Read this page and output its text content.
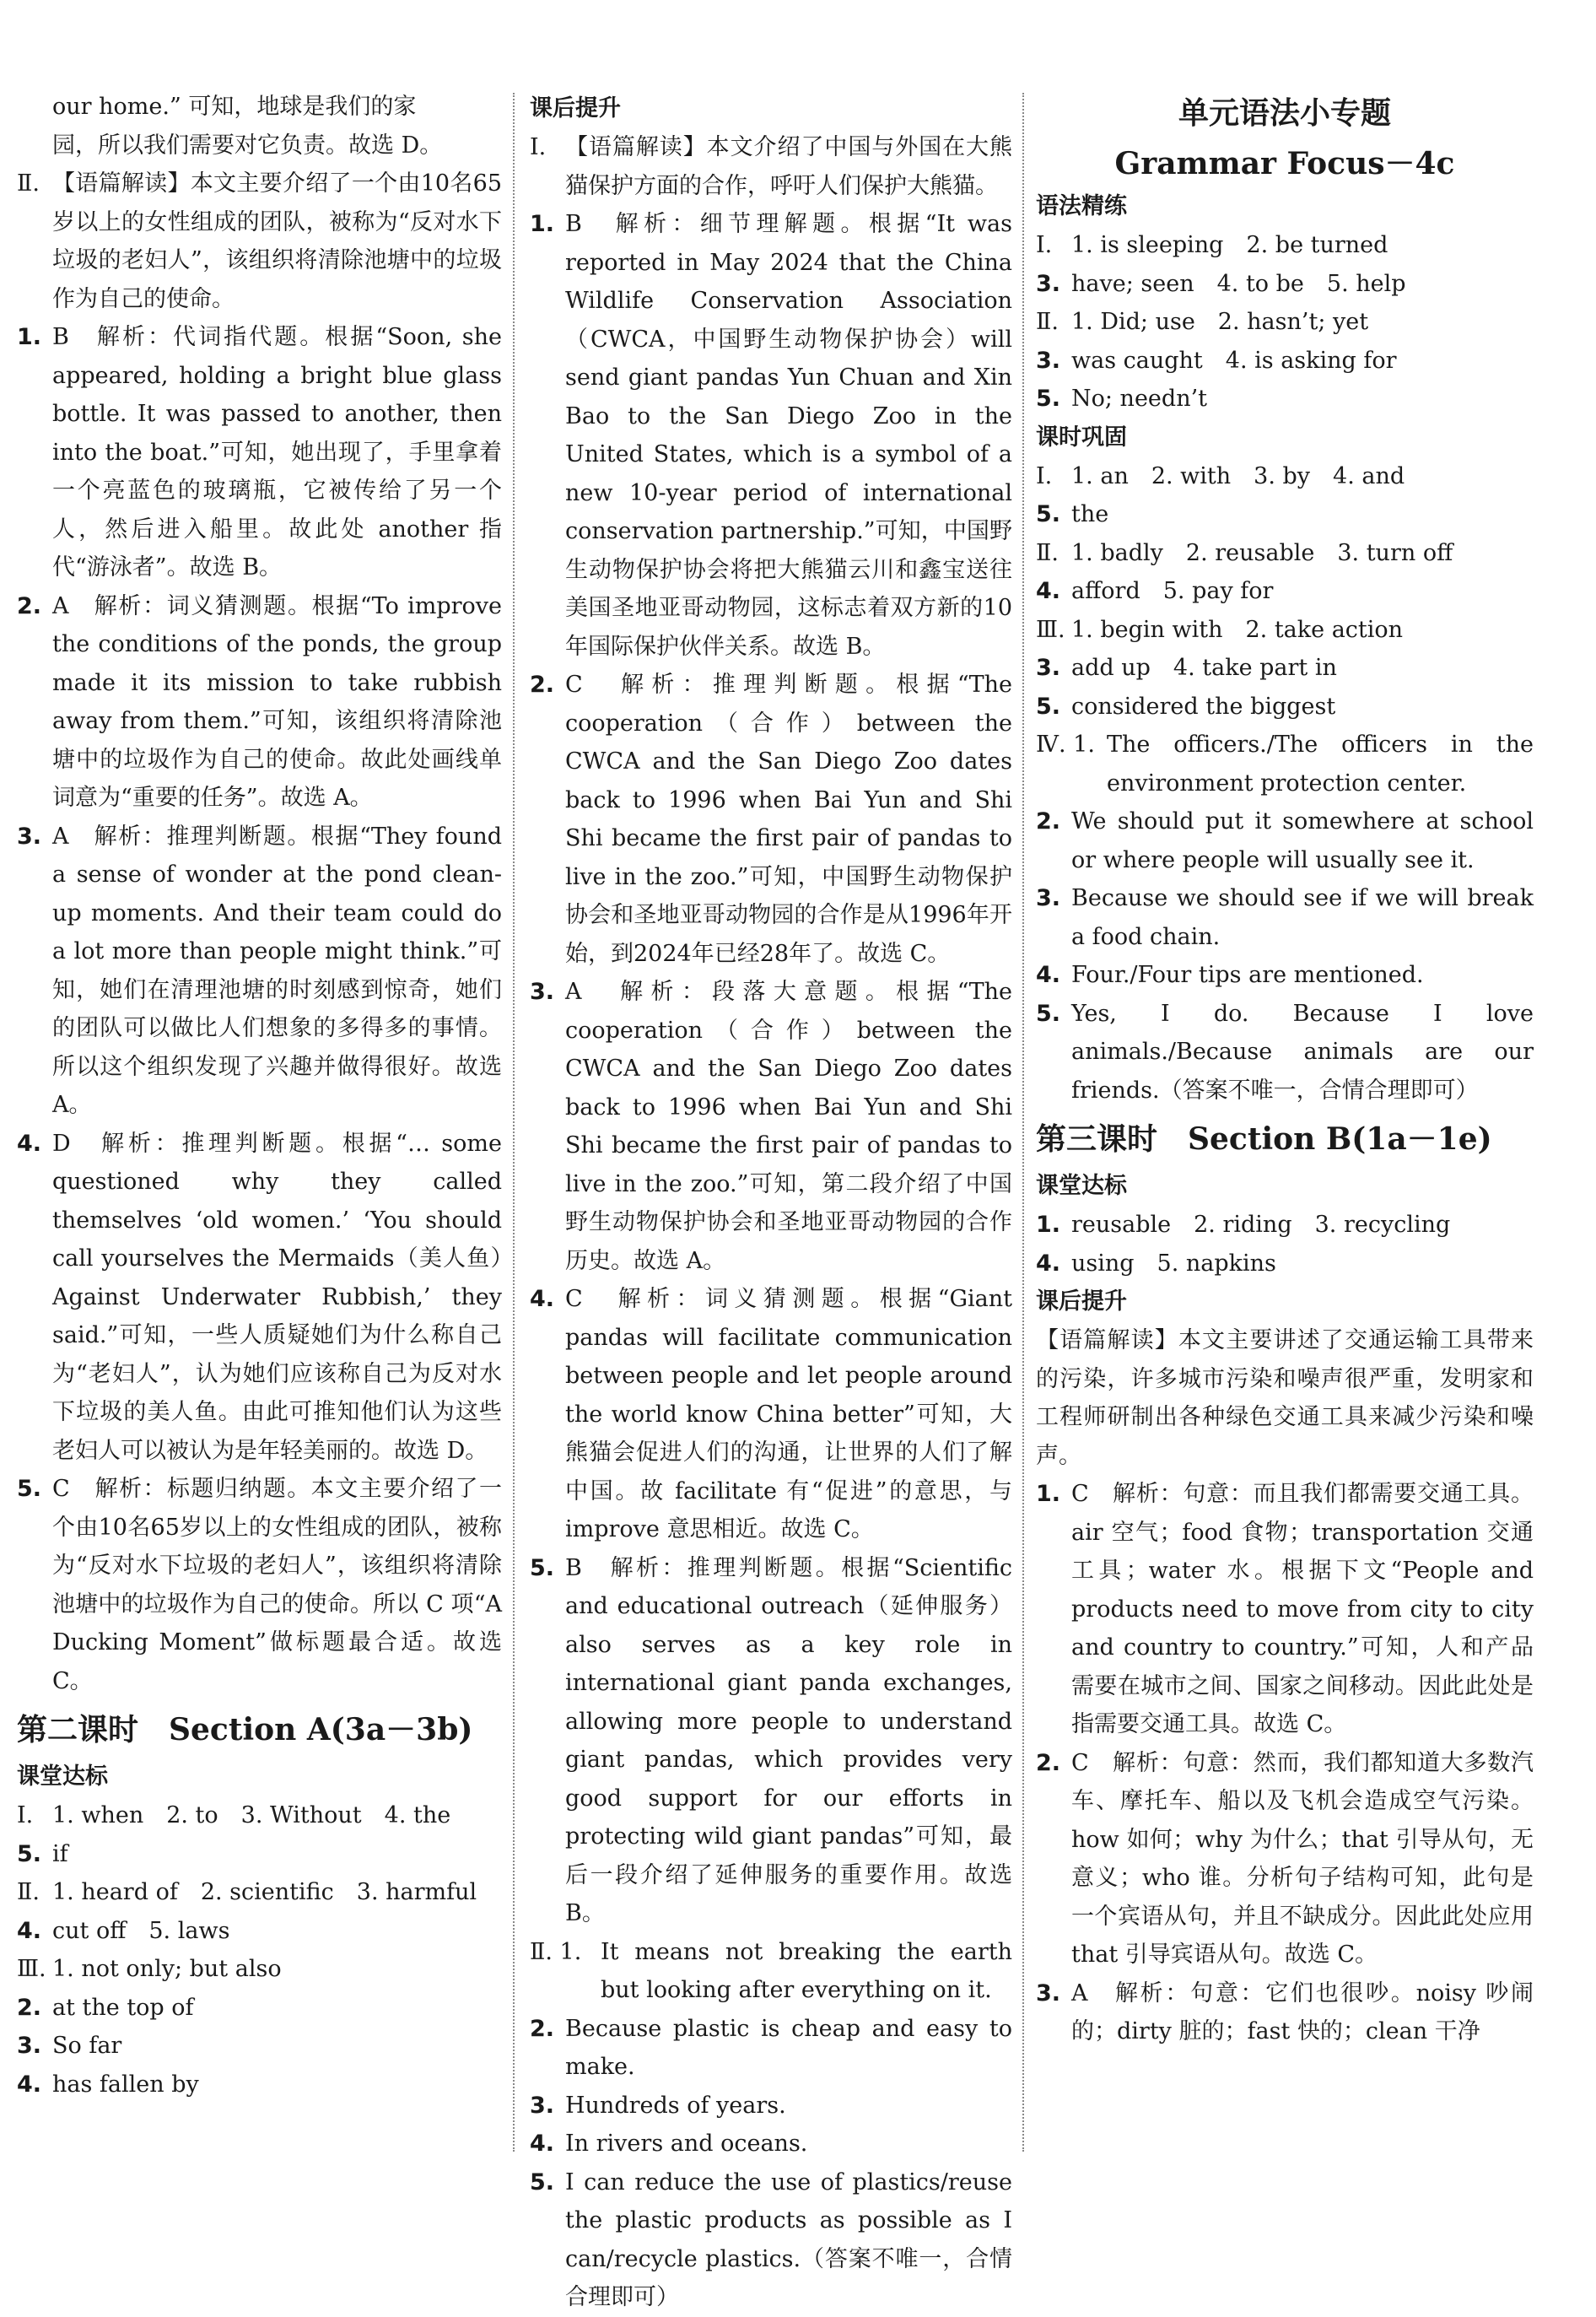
our home.” 可知，地球是我们的家

园，所以我们需要对它负责。故选 D。

Ⅱ. 【语篇解读】本文主要介绍了一个由10名65岁以上的女性组成的团队，被称为“反对水下垃圾的老妇人”，该组织将清除池塘中的垃圾作为自己的使命。
1. B　解析：代词指代题。根据“Soon, she appeared, holding a bright blue glass bottle. It was passed to another, then into the boat.”可知，她出现了，手里拿着一个亮蓝色的玻璃瓶，它被传给了另一个人，然后进入船里。故此处 another 指代“游泳者”。故选 B。
2. A　解析：词义猜测题。根据“To improve the conditions of the ponds, the group made it its mission to take rubbish away from them.”可知，该组织将清除池塘中的垃圾作为自己的使命。故此处画线单词意为“重要的任务”。故选 A。
3. A　解析：推理判断题。根据“They found a sense of wonder at the pond clean-up moments. And their team could do a lot more than people might think.”可知，她们在清理池塘的时刻感到惊奇，她们的团队可以做比人们想象的多得多的事情。所以这个组织发现了兴趣并做得很好。故选 A。
4. D　解析：推理判断题。根据“… some questioned why they called themselves ‘old women.’ ‘You should call yourselves the Mermaids（美人鱼）Against Underwater Rubbish,’ they said.”可知，一些人质疑她们为什么称自己为“老妇人”，认为她们应该称自己为反对水下垃圾的美人鱼。由此可推知他们认为这些老妇人可以被认为是年轻美丽的。故选 D。
5. C　解析：标题归纳题。本文主要介绍了一个由10名65岁以上的女性组成的团队，被称为“反对水下垃圾的老妇人”，该组织将清除池塘中的垃圾作为自己的使命。所以 C 项“A Ducking Moment”做标题最合适。故选 C。

第二课时　Section A(3a－3b)

课堂达标

Ⅰ. 1. when　2. to　3. Without　4. the
5. if
Ⅱ. 1. heard of　2. scientific　3. harmful
4. cut off　5. laws
Ⅲ. 1. not only; but also
2. at the top of
3. So far
4. has fallen by

课后提升

Ⅰ. 【语篇解读】本文介绍了中国与外国在大熊猫保护方面的合作，呼吁人们保护大熊猫。
1. B　解析：细节理解题。根据“It was reported in May 2024 that the China Wildlife Conservation Association（CWCA，中国野生动物保护协会）will send giant pandas Yun Chuan and Xin Bao to the San Diego Zoo in the United States, which is a symbol of a new 10-year period of international conservation partnership.”可知，中国野生动物保护协会将把大熊猫云川和鑫宝送往美国圣地亚哥动物园，这标志着双方新的10年国际保护伙伴关系。故选 B。
2. C　解析：推理判断题。根据“The cooperation（合作）between the CWCA and the San Diego Zoo dates back to 1996 when Bai Yun and Shi Shi became the first pair of pandas to live in the zoo.”可知，中国野生动物保护协会和圣地亚哥动物园的合作是从1996年开始，到2024年已经28年了。故选 C。
3. A　解析：段落大意题。根据“The cooperation（合作）between the CWCA and the San Diego Zoo dates back to 1996 when Bai Yun and Shi Shi became the first pair of pandas to live in the zoo.”可知，第二段介绍了中国野生动物保护协会和圣地亚哥动物园的合作历史。故选 A。
4. C　解析：词义猜测题。根据“Giant pandas will facilitate communication between people and let people around the world know China better”可知，大熊猫会促进人们的沟通，让世界的人们了解中国。故 facilitate 有“促进”的意思，与 improve 意思相近。故选 C。
5. B　解析：推理判断题。根据“Scientific and educational outreach（延伸服务）also serves as a key role in international giant panda exchanges, allowing more people to understand giant pandas, which provides very good support for our efforts in protecting wild giant pandas”可知，最后一段介绍了延伸服务的重要作用。故选 B。
Ⅱ. 1. It means not breaking the earth but looking after everything on it.
2. Because plastic is cheap and easy to make.
3. Hundreds of years.
4. In rivers and oceans.
5. I can reduce the use of plastics/reuse the plastic products as possible as I can/recycle plastics.（答案不唯一，合情合理即可）

单元语法小专题

Grammar Focus－4c

语法精练

Ⅰ. 1. is sleeping　2. be turned
3. have; seen　4. to be　5. help
Ⅱ. 1. Did; use　2. hasn’t; yet
3. was caught　4. is asking for
5. No; needn’t

课时巩固

Ⅰ. 1. an　2. with　3. by　4. and
5. the
Ⅱ. 1. badly　2. reusable　3. turn off
4. afford　5. pay for
Ⅲ. 1. begin with　2. take action
3. add up　4. take part in
5. considered the biggest
Ⅳ. 1. The officers./The officers in the environment protection center.
2. We should put it somewhere at school or where people will usually see it.
3. Because we should see if we will break a food chain.
4. Four./Four tips are mentioned.
5. Yes, I do. Because I love animals./Because animals are our friends.（答案不唯一，合情合理即可）

第三课时　Section B(1a－1e)

课堂达标

1. reusable　2. riding　3. recycling
4. using　5. napkins

课后提升

【语篇解读】本文主要讲述了交通运输工具带来的污染，许多城市污染和噪声很严重，发明家和工程师研制出各种绿色交通工具来减少污染和噪声。

1. C　解析：句意：而且我们都需要交通工具。air 空气；food 食物；transportation 交通工具；water 水。根据下文“People and products need to move from city to city and country to country.”可知，人和产品需要在城市之间、国家之间移动。因此此处是指需要交通工具。故选 C。
2. C　解析：句意：然而，我们都知道大多数汽车、摩托车、船以及飞机会造成空气污染。how 如何；why 为什么；that 引导从句，无意义；who 谁。分析句子结构可知，此句是一个宾语从句，并且不缺成分。因此此处应用 that 引导宾语从句。故选 C。
3. A　解析：句意：它们也很吵。noisy 吵闹的；dirty 脏的；fast 快的；clean 干净
